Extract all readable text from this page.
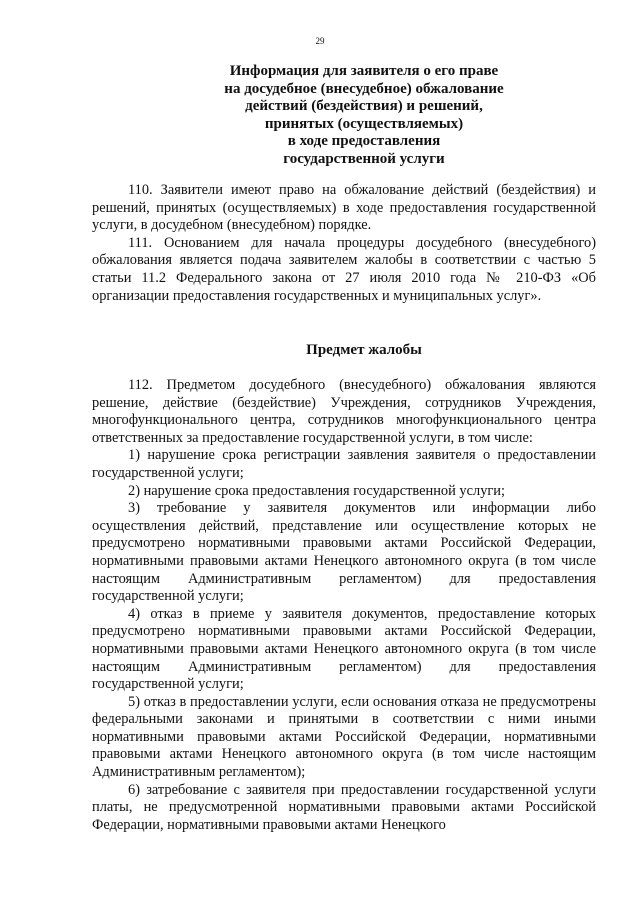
29
Информация для заявителя о его праве
на досудебное (внесудебное) обжалование
действий (бездействия) и решений,
принятых (осуществляемых)
в ходе предоставления
государственной услуги

110. Заявители имеют право на обжалование действий (бездействия) и решений, принятых (осуществляемых) в ходе предоставления государственной услуги, в досудебном (внесудебном) порядке.

111. Основанием для начала процедуры досудебного (внесудебного) обжалования является подача заявителем жалобы в соответствии с частью 5 статьи 11.2 Федерального закона от 27 июля 2010 года № 210-ФЗ «Об организации предоставления государственных и муниципальных услуг».

Предмет жалобы

112. Предметом досудебного (внесудебного) обжалования являются решение, действие (бездействие) Учреждения, сотрудников Учреждения, многофункционального центра, сотрудников многофункционального центра ответственных за предоставление государственной услуги, в том числе:

1) нарушение срока регистрации заявления заявителя о предоставлении государственной услуги;

2) нарушение срока предоставления государственной услуги;

3) требование у заявителя документов или информации либо осуществления действий, представление или осуществление которых не предусмотрено нормативными правовыми актами Российской Федерации, нормативными правовыми актами Ненецкого автономного округа (в том числе настоящим Административным регламентом) для предоставления государственной услуги;

4) отказ в приеме у заявителя документов, предоставление которых предусмотрено нормативными правовыми актами Российской Федерации, нормативными правовыми актами Ненецкого автономного округа (в том числе настоящим Административным регламентом) для предоставления государственной услуги;

5) отказ в предоставлении услуги, если основания отказа не предусмотрены федеральными законами и принятыми в соответствии с ними иными нормативными правовыми актами Российской Федерации, нормативными правовыми актами Ненецкого автономного округа (в том числе настоящим Административным регламентом);

6) затребование с заявителя при предоставлении государственной услуги платы, не предусмотренной нормативными правовыми актами Российской Федерации, нормативными правовыми актами Ненецкого
